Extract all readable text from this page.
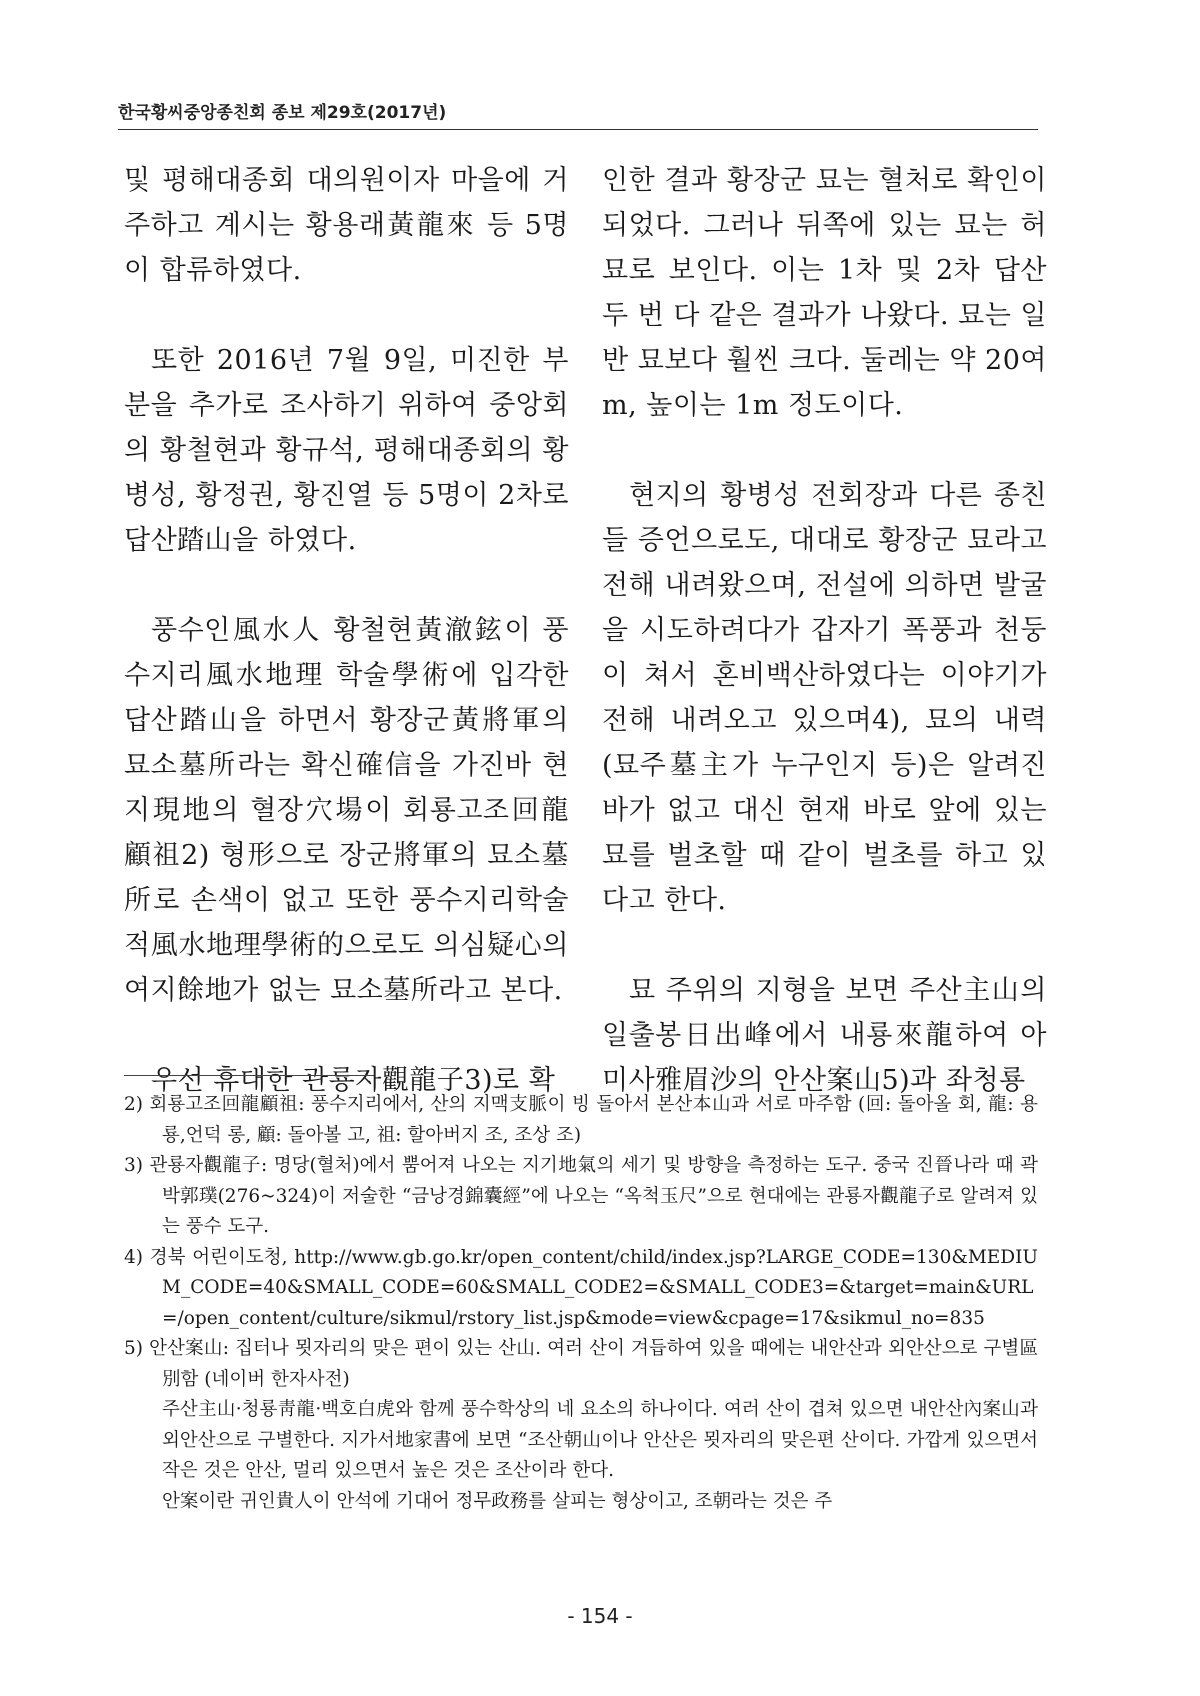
한국황씨중앙종친회 종보 제29호(2017년)

및 평해대종회 대의원이자 마을에 거주하고 계시는 황용래黃龍來 등 5명이 합류하였다.

또한 2016년 7월 9일, 미진한 부분을 추가로 조사하기 위하여 중앙회의 황철현과 황규석, 평해대종회의 황병성, 황정권, 황진열 등 5명이 2차로 답산踏山을 하였다.

풍수인風水人 황철현黃澈鉉이 풍수지리風水地理 학술學術에 입각한 답산踏山을 하면서 황장군黃將軍의 묘소墓所라는 확신確信을 가진바 현지現地의 혈장穴場이 회룡고조回龍顧祖2) 형形으로 장군將軍의 묘소墓所로 손색이 없고 또한 풍수지리학술적風水地理學術的으로도 의심疑心의 여지餘地가 없는 묘소墓所라고 본다.

우선 휴대한 관룡자觀龍子3)로 확

인한 결과 황장군 묘는 혈처로 확인이 되었다. 그러나 뒤쪽에 있는 묘는 허묘로 보인다. 이는 1차 및 2차 답산 두 번 다 같은 결과가 나왔다. 묘는 일반 묘보다 훨씬 크다. 둘레는 약 20여m, 높이는 1m 정도이다.

현지의 황병성 전회장과 다른 종친들 증언으로도, 대대로 황장군 묘라고 전해 내려왔으며, 전설에 의하면 발굴을 시도하려다가 갑자기 폭풍과 천둥이 쳐서 혼비백산하였다는 이야기가 전해 내려오고 있으며4), 묘의 내력(묘주墓主가 누구인지 등)은 알려진 바가 없고 대신 현재 바로 앞에 있는 묘를 벌초할 때 같이 벌초를 하고 있다고 한다.

묘 주위의 지형을 보면 주산主山의 일출봉日出峰에서 내룡來龍하여 아미사雅眉沙의 안산案山5)과 좌청룡

2) 회룡고조回龍顧祖: 풍수지리에서, 산의 지맥支脈이 빙 돌아서 본산本山과 서로 마주함 (回: 돌아올 회, 龍: 용 룡,언덕 롱, 顧: 돌아볼 고, 祖: 할아버지 조, 조상 조)

3) 관룡자觀龍子: 명당(혈처)에서 뿜어져 나오는 지기地氣의 세기 및 방향을 측정하는 도구. 중국 진晉나라 때 곽박郭璞(276~324)이 저술한 “금낭경錦囊經”에 나오는 “옥척玉尺”으로 현대에는 관룡자觀龍子로 알려져 있는 풍수 도구.

4) 경북 어린이도청, http://www.gb.go.kr/open_content/child/index.jsp?LARGE_CODE=130&MEDIUM_CODE=40&SMALL_CODE=60&SMALL_CODE2=&SMALL_CODE3=&target=main&URL=/open_content/culture/sikmul/rstory_list.jsp&mode=view&cpage=17&sikmul_no=835

5) 안산案山: 집터나 묏자리의 맞은 편이 있는 산山. 여러 산이 겨듭하여 있을 때에는 내안산과 외안산으로 구별區別함 (네이버 한자사전)

주산主山·청룡靑龍·백호白虎와 함께 풍수학상의 네 요소의 하나이다. 여러 산이 겹쳐 있으면 내안산內案山과 외안산으로 구별한다. 지가서地家書에 보면 “조산朝山이나 안산은 묏자리의 맞은편 산이다. 가깝게 있으면서 작은 것은 안산, 멀리 있으면서 높은 것은 조산이라 한다.

안案이란 귀인貴人이 안석에 기대어 정무政務를 살피는 형상이고, 조朝라는 것은 주

- 154 -
